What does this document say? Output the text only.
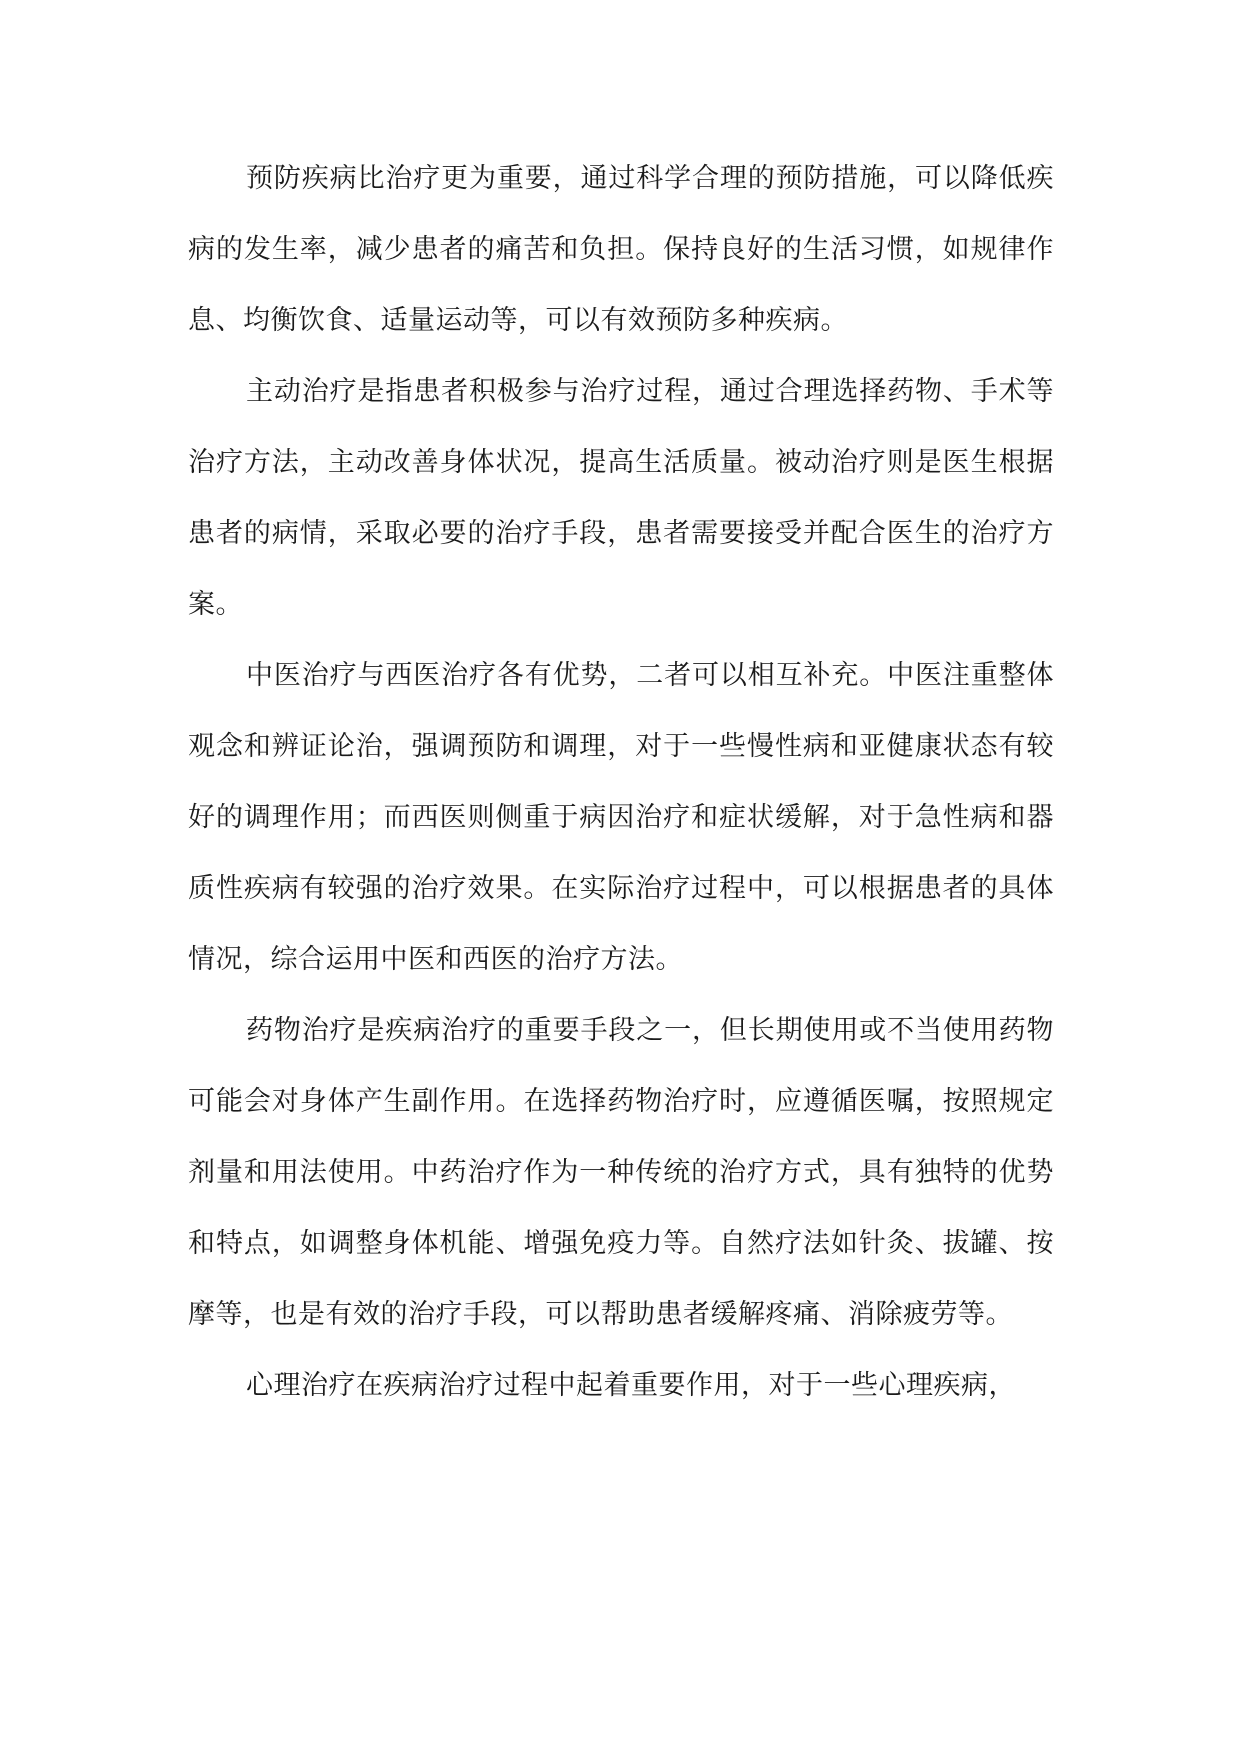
预防疾病比治疗更为重要，通过科学合理的预防措施，可以降低疾病的发生率，减少患者的痛苦和负担。保持良好的生活习惯，如规律作息、均衡饮食、适量运动等，可以有效预防多种疾病。

主动治疗是指患者积极参与治疗过程，通过合理选择药物、手术等治疗方法，主动改善身体状况，提高生活质量。被动治疗则是医生根据患者的病情，采取必要的治疗手段，患者需要接受并配合医生的治疗方案。

中医治疗与西医治疗各有优势，二者可以相互补充。中医注重整体观念和辨证论治，强调预防和调理，对于一些慢性病和亚健康状态有较好的调理作用；而西医则侧重于病因治疗和症状缓解，对于急性病和器质性疾病有较强的治疗效果。在实际治疗过程中，可以根据患者的具体情况，综合运用中医和西医的治疗方法。

药物治疗是疾病治疗的重要手段之一，但长期使用或不当使用药物可能会对身体产生副作用。在选择药物治疗时，应遵循医嘱，按照规定剂量和用法使用。中药治疗作为一种传统的治疗方式，具有独特的优势和特点，如调整身体机能、增强免疫力等。自然疗法如针灸、拔罐、按摩等，也是有效的治疗手段，可以帮助患者缓解疼痛、消除疲劳等。

心理治疗在疾病治疗过程中起着重要作用，对于一些心理疾病，
